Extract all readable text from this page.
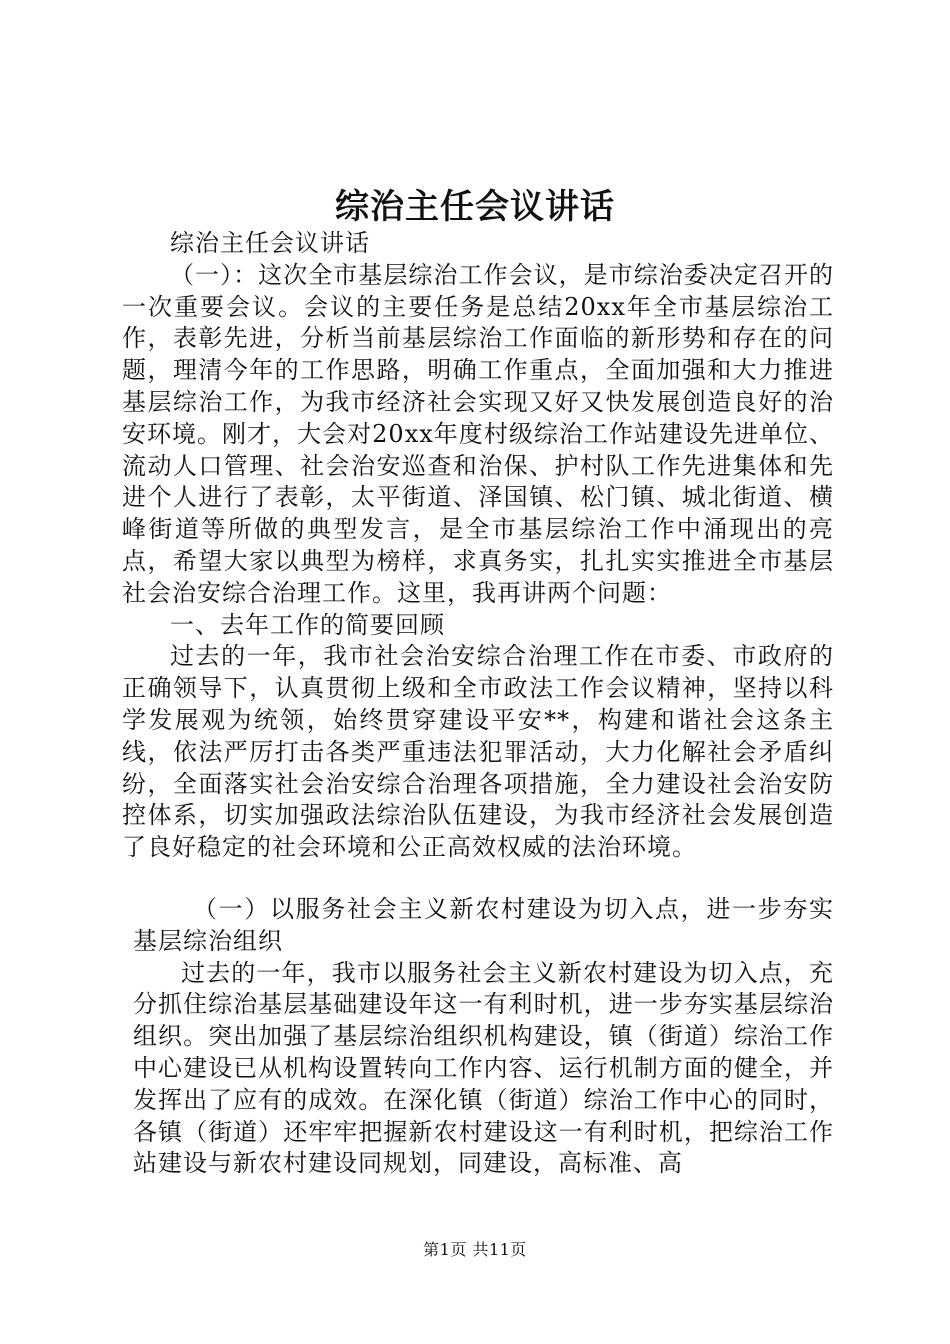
综治主任会议讲话

综治主任会议讲话

（一）：这次全市基层综治工作会议，是市综治委决定召开的一次重要会议。会议的主要任务是总结20xx年全市基层综治工作，表彰先进，分析当前基层综治工作面临的新形势和存在的问题，理清今年的工作思路，明确工作重点，全面加强和大力推进基层综治工作，为我市经济社会实现又好又快发展创造良好的治安环境。刚才，大会对20xx年度村级综治工作站建设先进单位、流动人口管理、社会治安巡查和治保、护村队工作先进集体和先进个人进行了表彰，太平街道、泽国镇、松门镇、城北街道、横峰街道等所做的典型发言，是全市基层综治工作中涌现出的亮点，希望大家以典型为榜样，求真务实，扎扎实实推进全市基层社会治安综合治理工作。这里，我再讲两个问题：

一、去年工作的简要回顾

过去的一年，我市社会治安综合治理工作在市委、市政府的正确领导下，认真贯彻上级和全市政法工作会议精神，坚持以科学发展观为统领，始终贯穿建设平安**，构建和谐社会这条主线，依法严厉打击各类严重违法犯罪活动，大力化解社会矛盾纠纷，全面落实社会治安综合治理各项措施，全力建设社会治安防控体系，切实加强政法综治队伍建设，为我市经济社会发展创造了良好稳定的社会环境和公正高效权威的法治环境。

（一）以服务社会主义新农村建设为切入点，进一步夯实基层综治组织

过去的一年，我市以服务社会主义新农村建设为切入点，充分抓住综治基层基础建设年这一有利时机，进一步夯实基层综治组织。突出加强了基层综治组织机构建设，镇（街道）综治工作中心建设已从机构设置转向工作内容、运行机制方面的健全，并发挥出了应有的成效。在深化镇（街道）综治工作中心的同时，各镇（街道）还牢牢把握新农村建设这一有利时机，把综治工作站建设与新农村建设同规划，同建设，高标准、高

第1页 共11页
